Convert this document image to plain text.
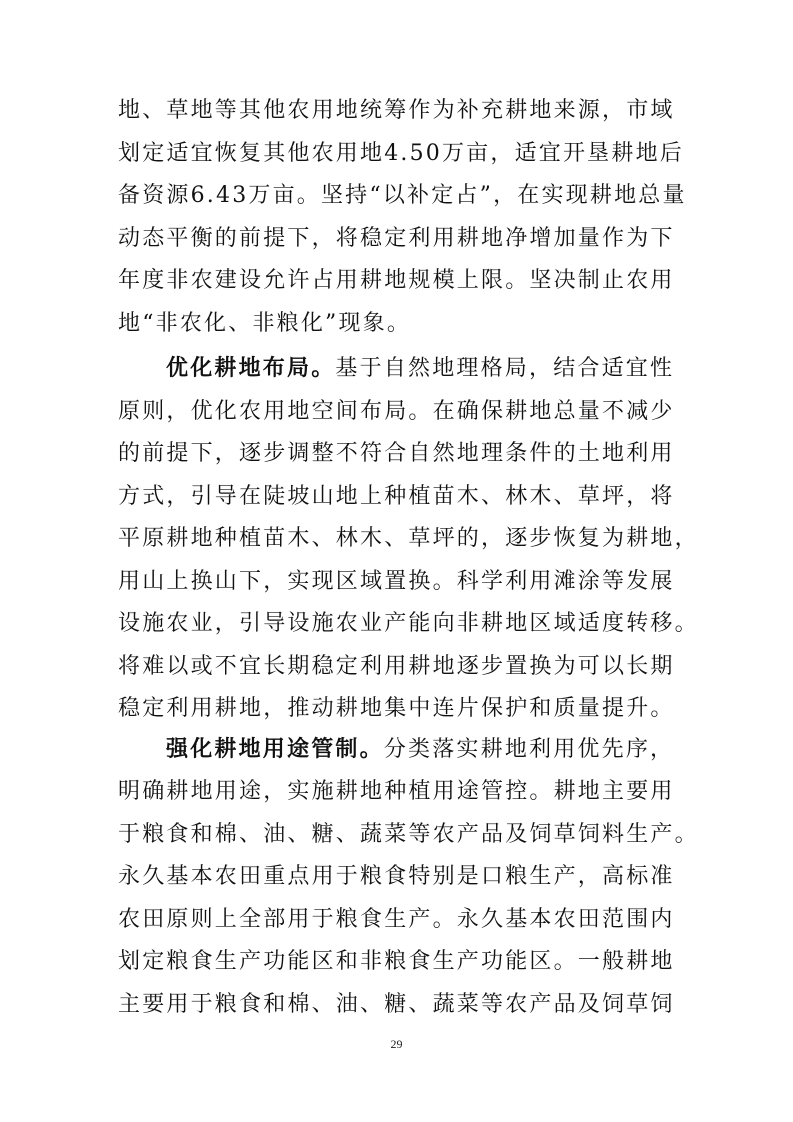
地、草地等其他农用地统筹作为补充耕地来源，市域
划定适宜恢复其他农用地4.50万亩，适宜开垦耕地后
备资源6.43万亩。坚持“以补定占”，在实现耕地总量
动态平衡的前提下，将稳定利用耕地净增加量作为下
年度非农建设允许占用耕地规模上限。坚决制止农用
地“非农化、非粮化”现象。
优化耕地布局。基于自然地理格局，结合适宜性
原则，优化农用地空间布局。在确保耕地总量不减少
的前提下，逐步调整不符合自然地理条件的土地利用
方式，引导在陡坡山地上种植苗木、林木、草坪，将
平原耕地种植苗木、林木、草坪的，逐步恢复为耕地，
用山上换山下，实现区域置换。科学利用滩涂等发展
设施农业，引导设施农业产能向非耕地区域适度转移。
将难以或不宜长期稳定利用耕地逐步置换为可以长期
稳定利用耕地，推动耕地集中连片保护和质量提升。
强化耕地用途管制。分类落实耕地利用优先序，
明确耕地用途，实施耕地种植用途管控。耕地主要用
于粮食和棉、油、糖、蔬菜等农产品及饲草饲料生产。
永久基本农田重点用于粮食特别是口粮生产，高标准
农田原则上全部用于粮食生产。永久基本农田范围内
划定粮食生产功能区和非粮食生产功能区。一般耕地
主要用于粮食和棉、油、糖、蔬菜等农产品及饲草饲
29
